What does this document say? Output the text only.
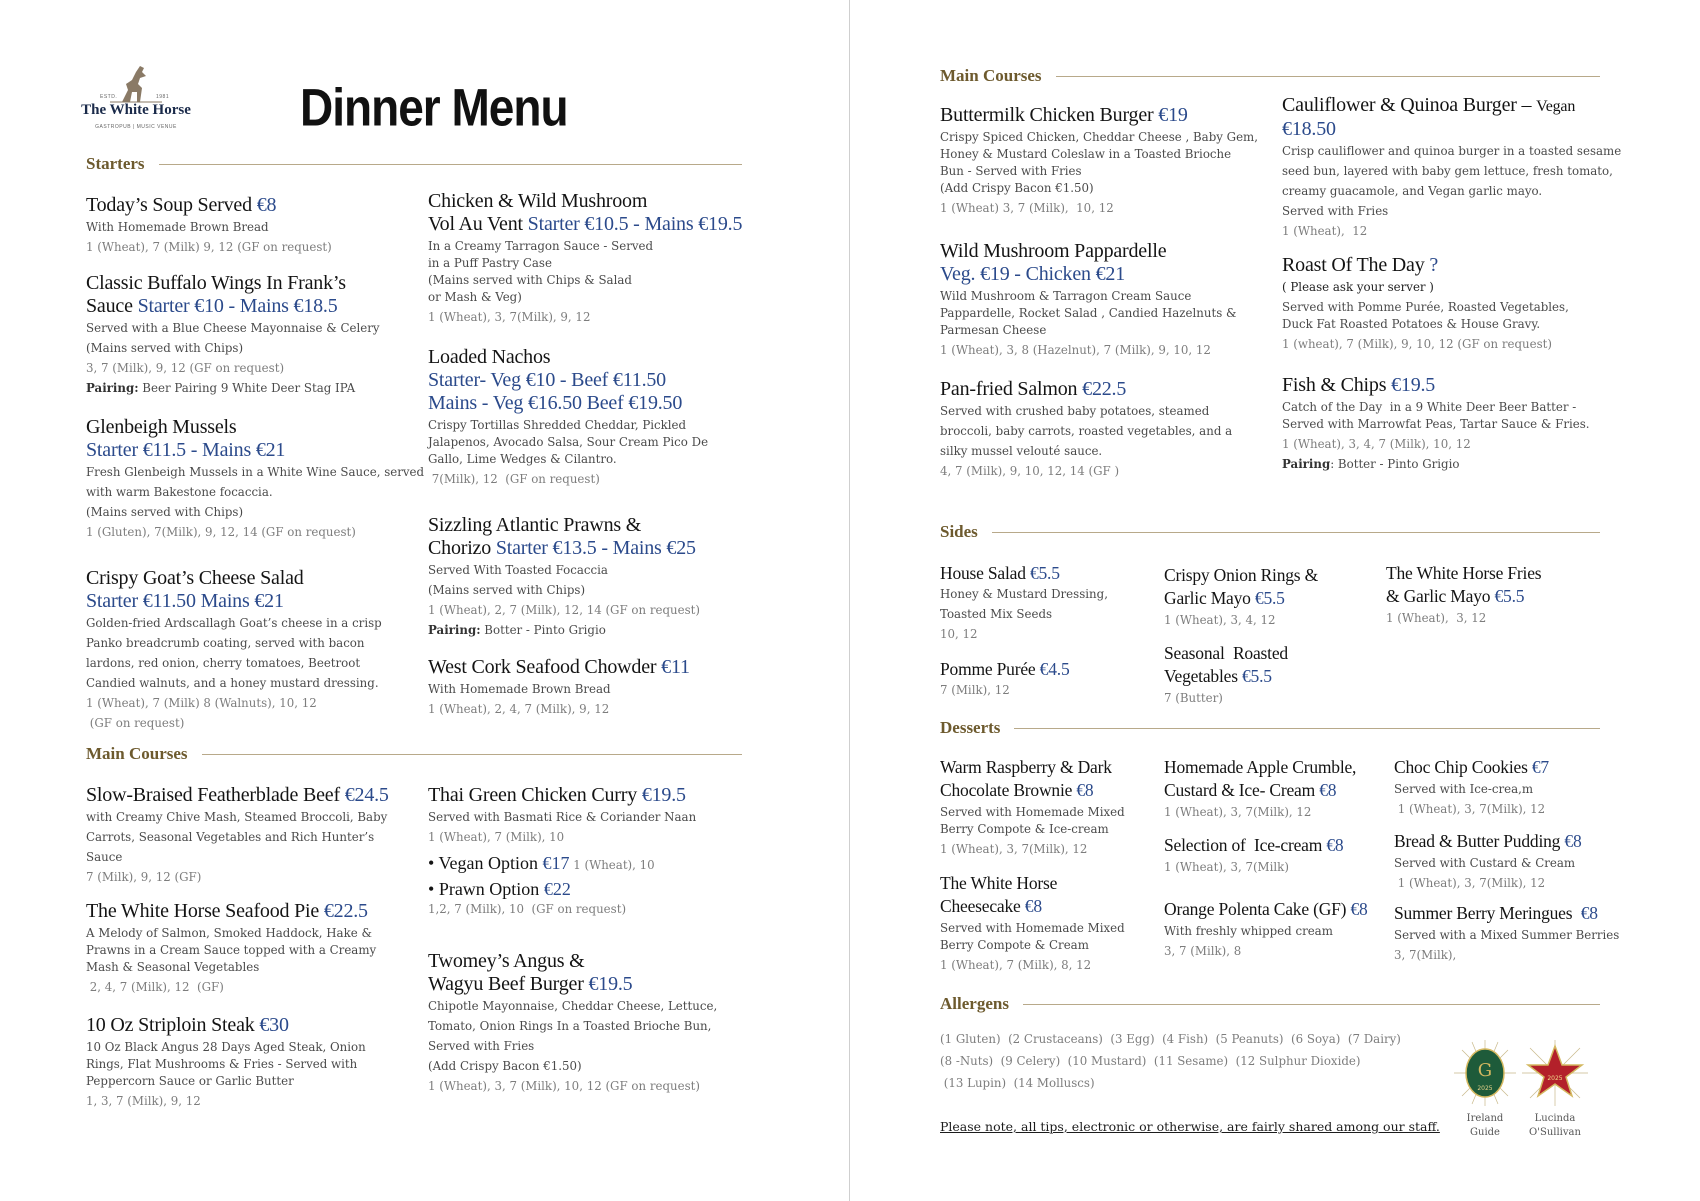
ESTD.	1981
The White Horse
GASTROPUB | MUSIC VENUE	Dinner Menu
Starters
Today’s Soup Served €8
With Homemade Brown Bread
1 (Wheat), 7 (Milk) 9, 12 (GF on request)
Classic Buffalo Wings In Frank’s
Sauce Starter €10 - Mains €18.5
Served with a Blue Cheese Mayonnaise & Celery
(Mains served with Chips)
3, 7 (Milk), 9, 12 (GF on request)
Pairing: Beer Pairing 9 White Deer Stag IPA
Glenbeigh Mussels
Starter €11.5 - Mains €21
Fresh Glenbeigh Mussels in a White Wine Sauce, served
with warm Bakestone focaccia.
(Mains served with Chips)
1 (Gluten), 7(Milk), 9, 12, 14 (GF on request)
Crispy Goat’s Cheese Salad
Starter €11.50 Mains €21
Golden-fried Ardscallagh Goat’s cheese in a crisp
Panko breadcrumb coating, served with bacon
lardons, red onion, cherry tomatoes, Beetroot
Candied walnuts, and a honey mustard dressing.
1 (Wheat), 7 (Milk) 8 (Walnuts), 10, 12
(GF on request)
Chicken & Wild Mushroom
Vol Au Vent Starter €10.5 - Mains €19.5
In a Creamy Tarragon Sauce - Served
in a Puff Pastry Case
(Mains served with Chips & Salad
or Mash & Veg)
1 (Wheat), 3, 7(Milk), 9, 12
Loaded Nachos
Starter- Veg €10 - Beef €11.50
Mains - Veg €16.50 Beef €19.50
Crispy Tortillas Shredded Cheddar, Pickled
Jalapenos, Avocado Salsa, Sour Cream Pico De
Gallo, Lime Wedges & Cilantro.
7(Milk), 12  (GF on request)
Sizzling Atlantic Prawns &
Chorizo Starter €13.5 - Mains €25
Served With Toasted Focaccia
(Mains served with Chips)
1 (Wheat), 2, 7 (Milk), 12, 14 (GF on request)
Pairing: Botter - Pinto Grigio
West Cork Seafood Chowder €11
With Homemade Brown Bread
1 (Wheat), 2, 4, 7 (Milk), 9, 12
Main Courses
Slow-Braised Featherblade Beef €24.5
with Creamy Chive Mash, Steamed Broccoli, Baby
Carrots, Seasonal Vegetables and Rich Hunter’s
Sauce
7 (Milk), 9, 12 (GF)
The White Horse Seafood Pie €22.5
A Melody of Salmon, Smoked Haddock, Hake &
Prawns in a Cream Sauce topped with a Creamy
Mash & Seasonal Vegetables
2, 4, 7 (Milk), 12  (GF)
10 Oz Striploin Steak €30
10 Oz Black Angus 28 Days Aged Steak, Onion
Rings, Flat Mushrooms & Fries - Served with
Peppercorn Sauce or Garlic Butter
1, 3, 7 (Milk), 9, 12
Thai Green Chicken Curry €19.5
Served with Basmati Rice & Coriander Naan
1 (Wheat), 7 (Milk), 10
• Vegan Option €17 1 (Wheat), 10
• Prawn Option €22
1,2, 7 (Milk), 10  (GF on request)
Twomey’s Angus &
Wagyu Beef Burger €19.5
Chipotle Mayonnaise, Cheddar Cheese, Lettuce,
Tomato, Onion Rings In a Toasted Brioche Bun,
Served with Fries
(Add Crispy Bacon €1.50)
1 (Wheat), 3, 7 (Milk), 10, 12 (GF on request)
Main Courses
Buttermilk Chicken Burger €19
Crispy Spiced Chicken, Cheddar Cheese , Baby Gem,
Honey & Mustard Coleslaw in a Toasted Brioche
Bun - Served with Fries
(Add Crispy Bacon €1.50)
1 (Wheat) 3, 7 (Milk),  10, 12
Wild Mushroom Pappardelle
Veg. €19 - Chicken €21
Wild Mushroom & Tarragon Cream Sauce
Pappardelle, Rocket Salad , Candied Hazelnuts &
Parmesan Cheese
1 (Wheat), 3, 8 (Hazelnut), 7 (Milk), 9, 10, 12
Pan-fried Salmon €22.5
Served with crushed baby potatoes, steamed
broccoli, baby carrots, roasted vegetables, and a
silky mussel velouté sauce.
4, 7 (Milk), 9, 10, 12, 14 (GF )
Cauliflower & Quinoa Burger – Vegan
€18.50
Crisp cauliflower and quinoa burger in a toasted sesame
seed bun, layered with baby gem lettuce, fresh tomato,
creamy guacamole, and Vegan garlic mayo.
Served with Fries
1 (Wheat),  12
Roast Of The Day ?
( Please ask your server )
Served with Pomme Purée, Roasted Vegetables,
Duck Fat Roasted Potatoes & House Gravy.
1 (wheat), 7 (Milk), 9, 10, 12 (GF on request)
Fish & Chips €19.5
Catch of the Day  in a 9 White Deer Beer Batter -
Served with Marrowfat Peas, Tartar Sauce & Fries.
1 (Wheat), 3, 4, 7 (Milk), 10, 12
Pairing: Botter - Pinto Grigio
Sides
House Salad €5.5
Honey & Mustard Dressing,
Toasted Mix Seeds
10, 12
Pomme Purée €4.5
7 (Milk), 12
Crispy Onion Rings &
Garlic Mayo €5.5
1 (Wheat), 3, 4, 12
Seasonal  Roasted
Vegetables €5.5
7 (Butter)
The White Horse Fries
& Garlic Mayo €5.5
1 (Wheat),  3, 12
Desserts
Warm Raspberry & Dark
Chocolate Brownie €8
Served with Homemade Mixed
Berry Compote & Ice-cream
1 (Wheat), 3, 7(Milk), 12
The White Horse
Cheesecake €8
Served with Homemade Mixed
Berry Compote & Cream
1 (Wheat), 7 (Milk), 8, 12
Homemade Apple Crumble,
Custard & Ice- Cream €8
1 (Wheat), 3, 7(Milk), 12
Selection of  Ice-cream €8
1 (Wheat), 3, 7(Milk)
Orange Polenta Cake (GF) €8
With freshly whipped cream
3, 7 (Milk), 8
Choc Chip Cookies €7
Served with Ice-crea,m
1 (Wheat), 3, 7(Milk), 12
Bread & Butter Pudding €8
Served with Custard & Cream
1 (Wheat), 3, 7(Milk), 12
Summer Berry Meringues  €8
Served with a Mixed Summer Berries
3, 7(Milk),
Allergens
(1 Gluten)  (2 Crustaceans)  (3 Egg)  (4 Fish)  (5 Peanuts)  (6 Soya)  (7 Dairy)
(8 -Nuts)  (9 Celery)  (10 Mustard)  (11 Sesame)  (12 Sulphur Dioxide)
(13 Lupin)  (14 Molluscs)
Please note, all tips, electronic or otherwise, are fairly shared among our staff.
G
2025
Ireland
Guide
2025
Lucinda
O'Sullivan
